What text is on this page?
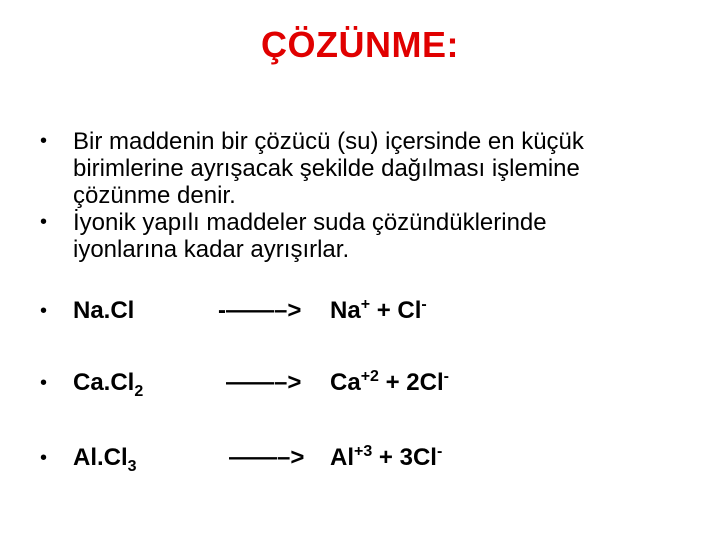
ÇÖZÜNME:
• Bir maddenin bir çözücü (su) içersinde en küçük
birimlerine ayrışacak şekilde dağılması işlemine
çözünme denir.
• İyonik yapılı maddeler suda çözündüklerinde
iyonlarına kadar ayrışırlar.
• Na.Cl	-——–> Na+ + Cl-
• $Ca.Cl_2$	——–> $Ca^{+2} + 2Cl^-$
• $Al.Cl_3$	——–> $Al^{+3} + 3Cl^-$
